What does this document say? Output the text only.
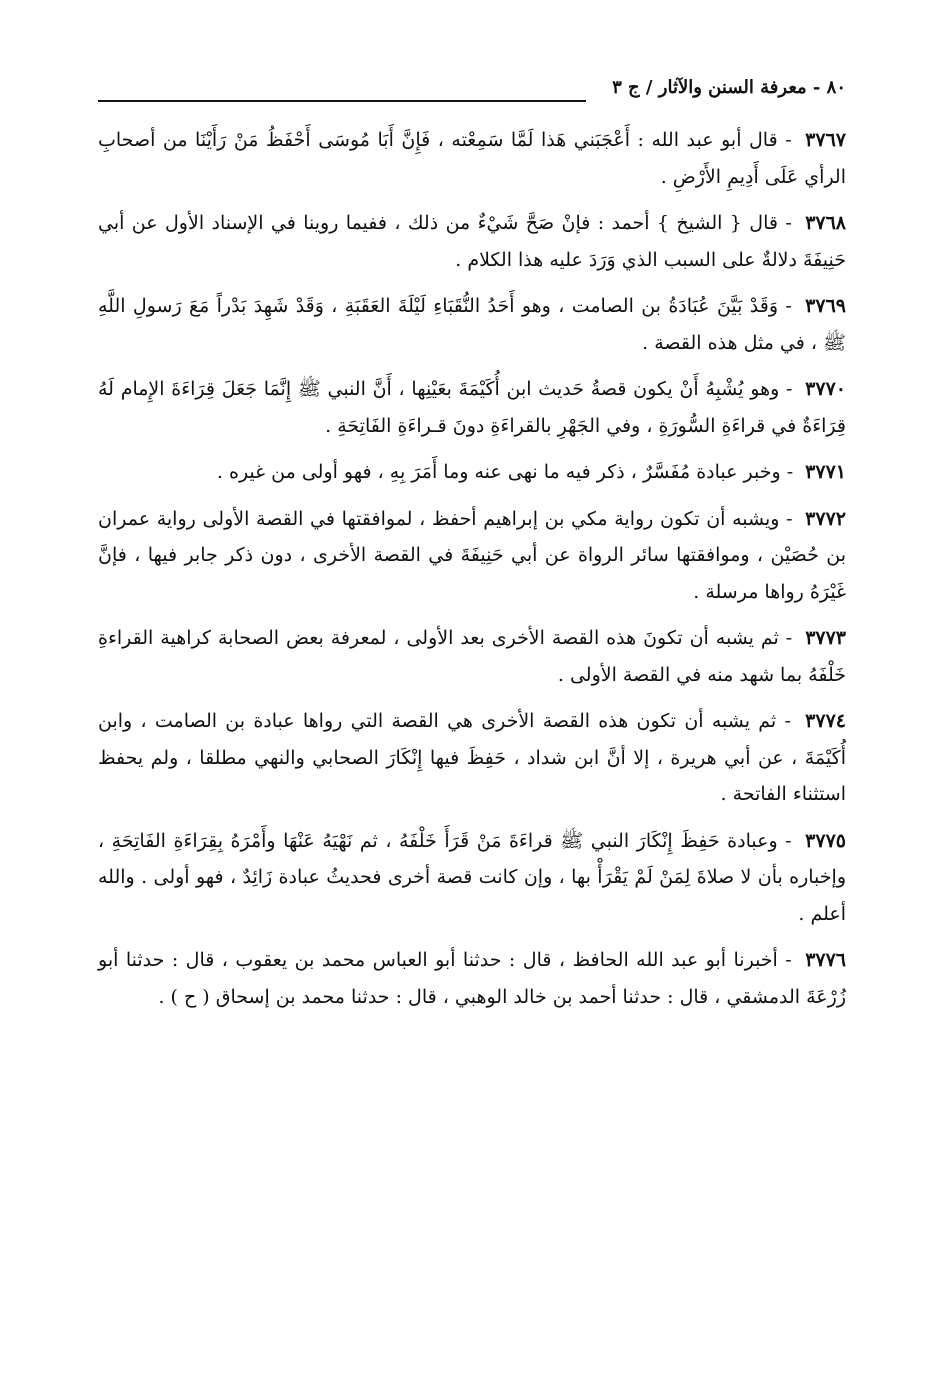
٨٠ - معرفة السنن والآثار / ج ٣

٣٧٦٧ - قال أبو عبد الله : أَعْجَبَني هَذا لَمَّا سَمِعْته ، فَإِنَّ أَبَا مُوسَى أَحْفَظُ مَنْ رَأَيْنَا من أصحابِ الرأي عَلَى أَدِيمِ الأَرْضِ .

٣٧٦٨ - قال { الشيخ } أحمد : فإنْ صَحَّ شَيْءٌ من ذلك ، ففيما روينا في الإسناد الأول عن أبي حَنِيفَةَ دلالةٌ على السبب الذي وَرَدَ عليه هذا الكلام .

٣٧٦٩ - وَقَدْ بَيَّنَ عُبَادَةُ بن الصامت ، وهو أَحَدُ النُّقَبَاءِ لَيْلَةَ العَقَبَةِ ، وَقَدْ شَهِدَ بَدْراً مَعَ رَسولِ اللَّهِ ﷺ ، في مثل هذه القصة .

٣٧٧٠ - وهو يُشْبِهُ أَنْ يكون قصةُ حَديث ابن أُكَيْمَةَ بعَيْنِها ، أَنَّ النبي ﷺ إِنَّمَا جَعَلَ قِرَاءَةَ الإِمام لَهُ قِرَاءَةٌ في قراءَةِ السُّورَةِ ، وفي الجَهْرِ بالقراءَةِ دونَ قـراءَةِ الفَاتِحَةِ .

٣٧٧١ - وخبر عبادة مُفَسَّرٌ ، ذكر فيه ما نهى عنه وما أَمَرَ بِهِ ، فهو أولى من غيره .

٣٧٧٢ - ويشبه أن تكون رواية مكي بن إبراهيم أحفظ ، لموافقتها في القصة الأولى رواية عمران بن حُصَيْن ، وموافقتها سائر الرواة عن أبي حَنِيفَةَ في القصة الأخرى ، دون ذكر جابر فيها ، فإنَّ غَيْرَهُ رواها مرسلة .

٣٧٧٣ - ثم يشبه أن تكونَ هذه القصة الأخرى بعد الأولى ، لمعرفة بعض الصحابة كراهية القراءةِ خَلْفَهُ بما شهد منه في القصة الأولى .

٣٧٧٤ - ثم يشبه أن تكون هذه القصة الأخرى هي القصة التي رواها عبادة بن الصامت ، وابن أُكَيْمَةَ ، عن أبي هريرة ، إلا أنَّ ابن شداد ، حَفِظَ فيها إِنْكَارَ الصحابي والنهي مطلقا ، ولم يحفظ استثناء الفاتحة .

٣٧٧٥ - وعبادة حَفِظَ إِنْكَارَ النبي ﷺ قراءَةَ مَنْ قَرَأَ خَلْفَهُ ، ثم نَهْيَهُ عَنْهَا وأَمْرَهُ بِقِرَاءَةِ الفَاتِحَةِ ، وإخباره بأن لا صلاةَ لِمَنْ لَمْ يَقْرَأْ بها ، وإن كانت قصة أخرى فحديثُ عبادة زَائِدٌ ، فهو أولى . والله أعلم .

٣٧٧٦ - أخبرنا أبو عبد الله الحافظ ، قال : حدثنا أبو العباس محمد بن يعقوب ، قال : حدثنا أبو زُرْعَةَ الدمشقي ، قال : حدثنا أحمد بن خالد الوهبي ، قال : حدثنا محمد بن إسحاق ( ح ) .
